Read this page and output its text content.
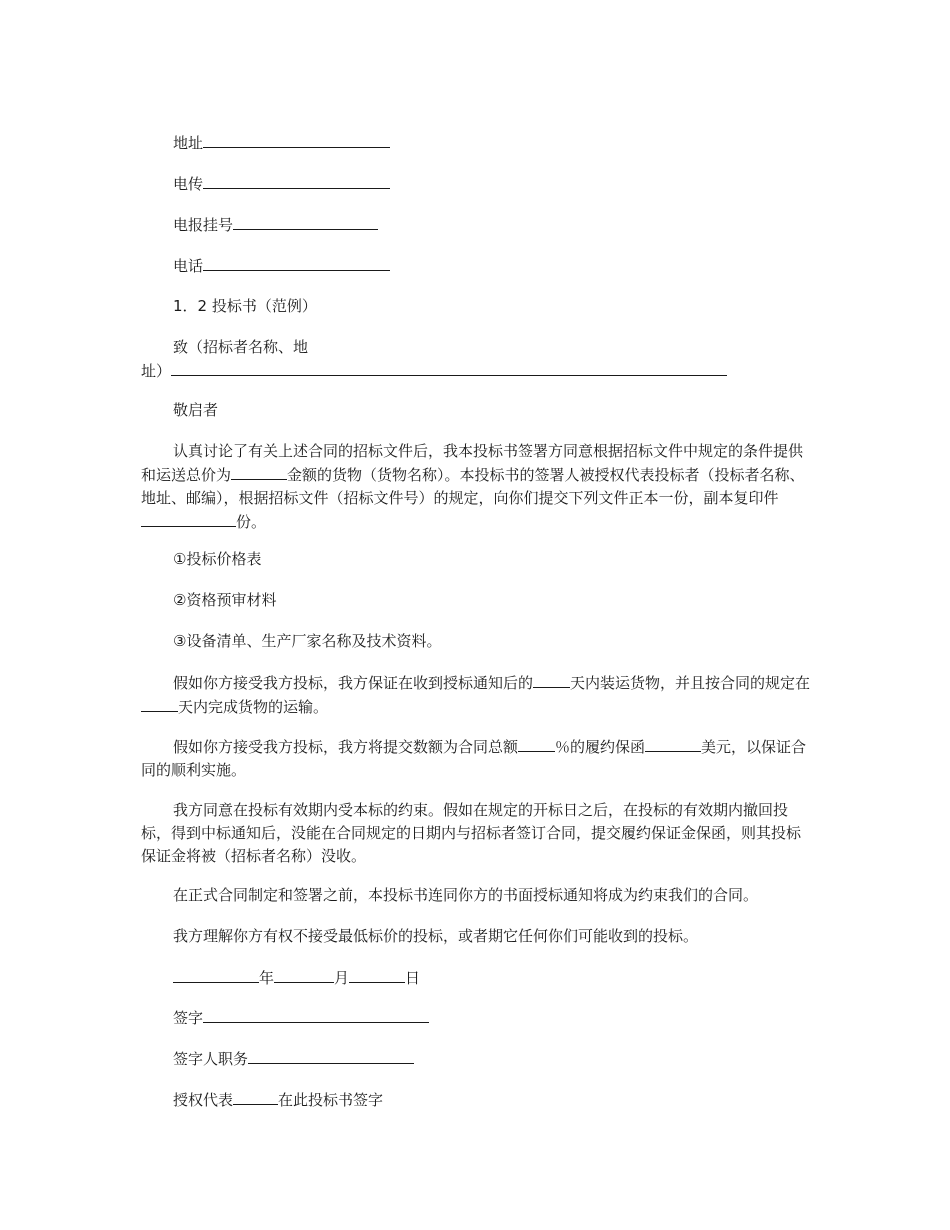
地址
电传
电报挂号
电话
1．2 投标书（范例）
致（招标者名称、地
址）
敬启者
认真讨论了有关上述合同的招标文件后，我本投标书签署方同意根据招标文件中规定的条件提供和运送总价为	金额的货物（货物名称）。本投标书的签署人被授权代表投标者（投标者名称、地址、邮编），根据招标文件（招标文件号）的规定，向你们提交下列文件正本一份，副本复印件份。
①投标价格表
②资格预审材料
③设备清单、生产厂家名称及技术资料。
假如你方接受我方投标，我方保证在收到授标通知后的 天内装运货物，并且按合同的规定在天内完成货物的运输。
假如你方接受我方投标，我方将提交数额为合同总额 ％的履约保函	美元，以保证合同的顺利实施。
我方同意在投标有效期内受本标的约束。假如在规定的开标日之后，在投标的有效期内撤回投标，得到中标通知后，没能在合同规定的日期内与招标者签订合同，提交履约保证金保函，则其投标保证金将被（招标者名称）没收。
在正式合同制定和签署之前，本投标书连同你方的书面授标通知将成为约束我们的合同。
我方理解你方有权不接受最低标价的投标，或者期它任何你们可能收到的投标。
年	月	日
签字
签字人职务
授权代表	在此投标书签字
